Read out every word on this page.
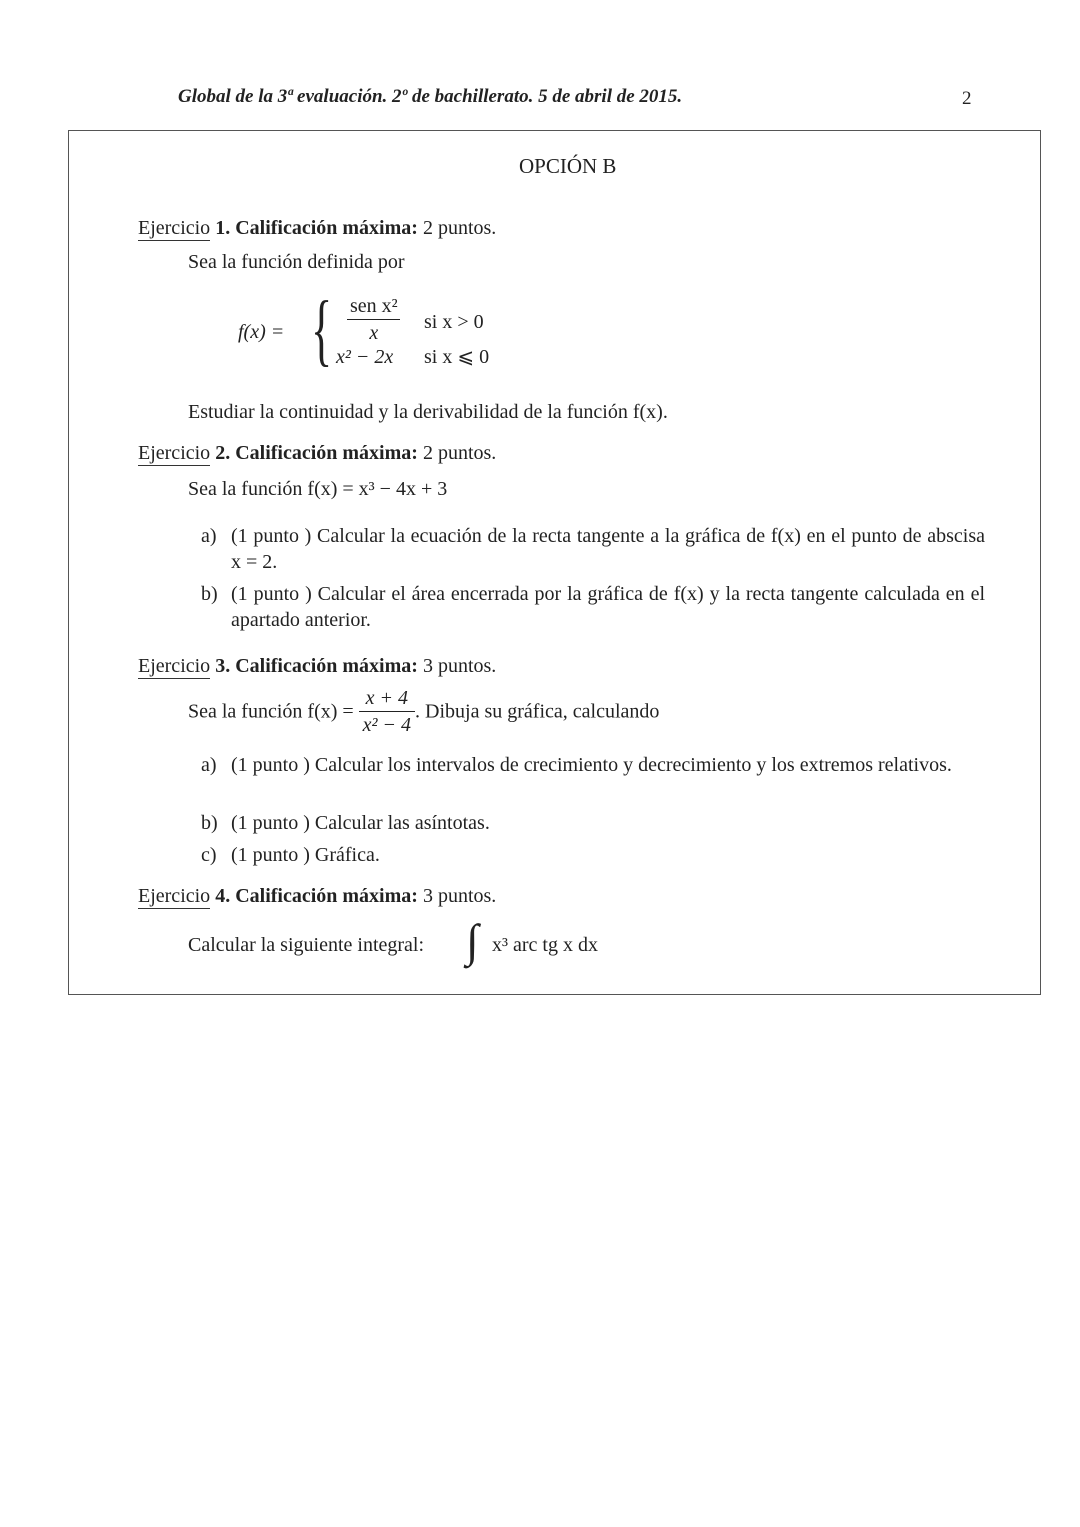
Global de la 3ª evaluación. 2º de bachillerato. 5 de abril de 2015.	2
OPCIÓN B
Ejercicio 1. Calificación máxima: 2 puntos.
Sea la función definida por
f(x) = { $\frac{\text{sen x²}}{x}$ si x > 0
x² − 2x si x ⩽ 0
Estudiar la continuidad y la derivabilidad de la función f(x).
Ejercicio 2. Calificación máxima: 2 puntos.
Sea la función f(x) = x³ − 4x + 3
a) (1 punto ) Calcular la ecuación de la recta tangente a la gráfica de f(x) en el punto de abscisa x = 2.
b) (1 punto ) Calcular el área encerrada por la gráfica de f(x) y la recta tangente calculada en el apartado anterior.
Ejercicio 3. Calificación máxima: 3 puntos.
Sea la función $f(x) = \frac{x + 4}{\text{x² − 4}}$ . Dibuja su gráfica, calculando
a) (1 punto ) Calcular los intervalos de crecimiento y decrecimiento y los extremos relativos.
b) (1 punto ) Calcular las asíntotas.
c) (1 punto ) Gráfica.
Ejercicio 4. Calificación máxima: 3 puntos.
Calcular la siguiente integral: ∫ x³ arc tg x dx
